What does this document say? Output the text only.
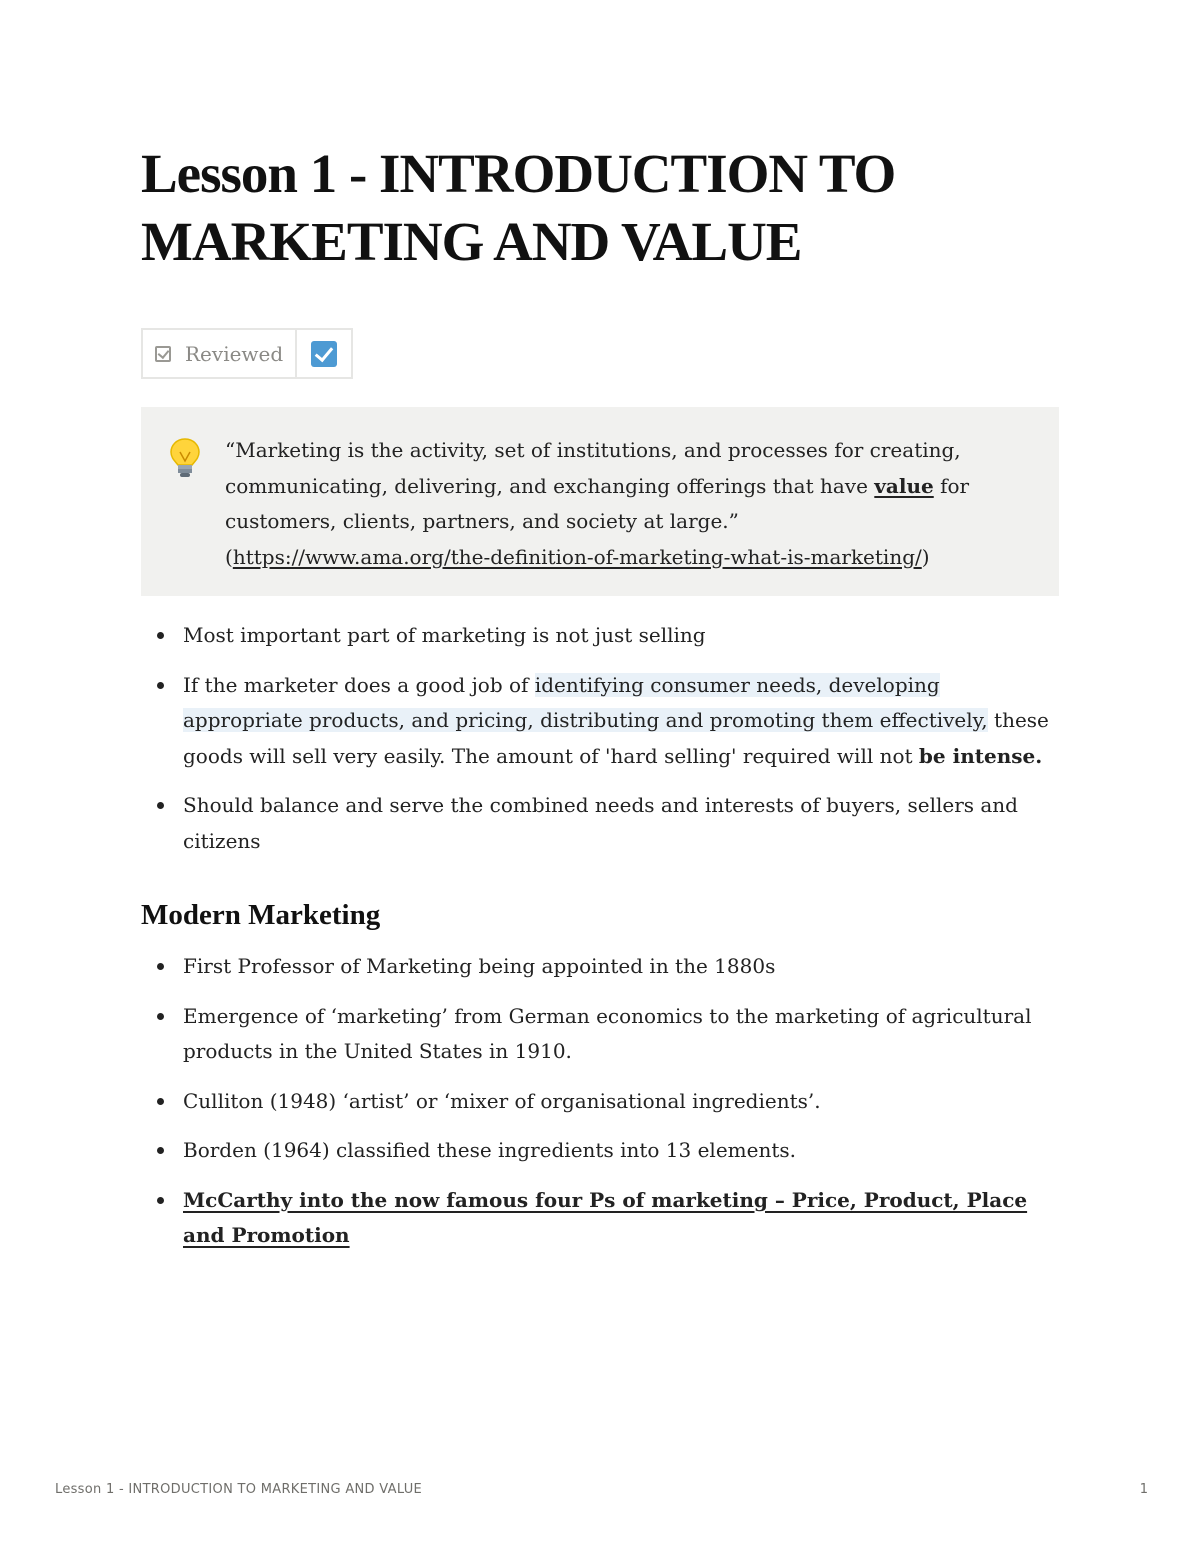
Lesson 1 - INTRODUCTION TO MARKETING AND VALUE
Reviewed
“Marketing is the activity, set of institutions, and processes for creating, communicating, delivering, and exchanging offerings that have value for customers, clients, partners, and society at large.”
(https://www.ama.org/the-definition-of-marketing-what-is-marketing/)
Most important part of marketing is not just selling
If the marketer does a good job of identifying consumer needs, developing appropriate products, and pricing, distributing and promoting them effectively, these goods will sell very easily. The amount of 'hard selling' required will not be intense.
Should balance and serve the combined needs and interests of buyers, sellers and citizens
Modern Marketing
First Professor of Marketing being appointed in the 1880s
Emergence of ‘marketing’ from German economics to the marketing of agricultural products in the United States in 1910.
Culliton (1948) ‘artist’ or ‘mixer of organisational ingredients’.
Borden (1964) classified these ingredients into 13 elements.
McCarthy into the now famous four Ps of marketing – Price, Product, Place and Promotion
Lesson 1 - INTRODUCTION TO MARKETING AND VALUE	1
